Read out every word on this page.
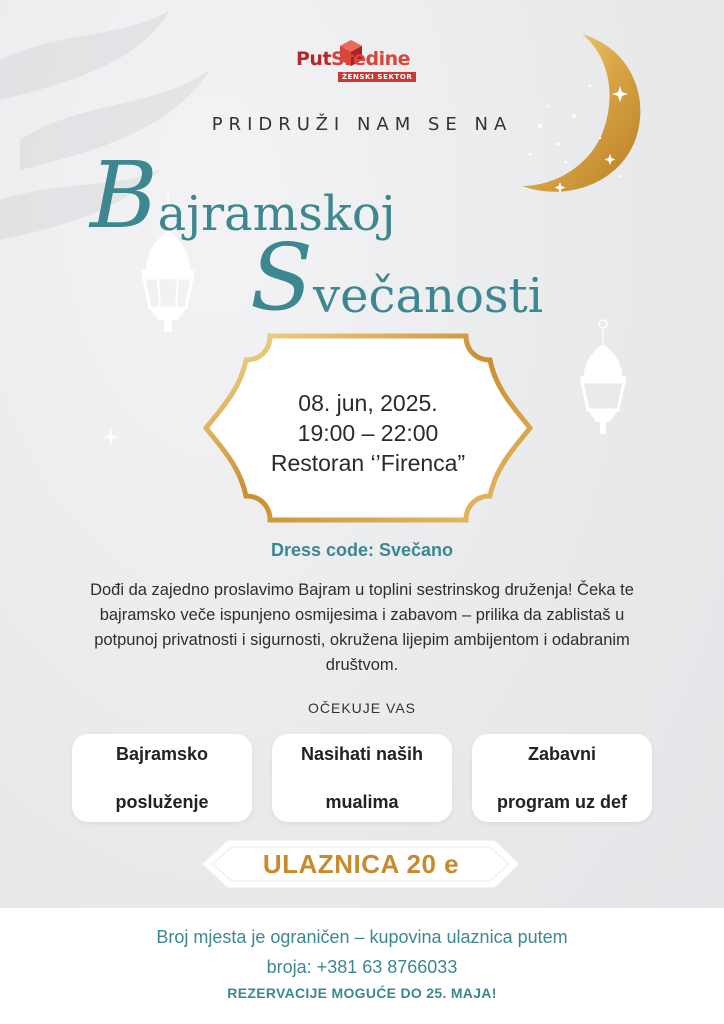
PutSredine
ŽENSKI SEKTOR
PRIDRUŽI NAM SE NA
Bajramskoj
Svečanosti
08. jun, 2025.
19:00 – 22:00
Restoran ‘’Firenca”
Dress code: Svečano
Dođi da zajedno proslavimo Bajram u toplini sestrinskog druženja! Čeka te bajramsko veče ispunjeno osmijesima i zabavom – prilika da zablistaš u potpunoj privatnosti i sigurnosti, okružena lijepim ambijentom i odabranim društvom.
OČEKUJE VAS
Bajramsko

posluženje
Nasihati naših

mualima
Zabavni

program uz def
ULAZNICA 20 e
Broj mjesta je ograničen – kupovina ulaznica putem
broja: +381 63 8766033
REZERVACIJE MOGUĆE DO 25. MAJA!
